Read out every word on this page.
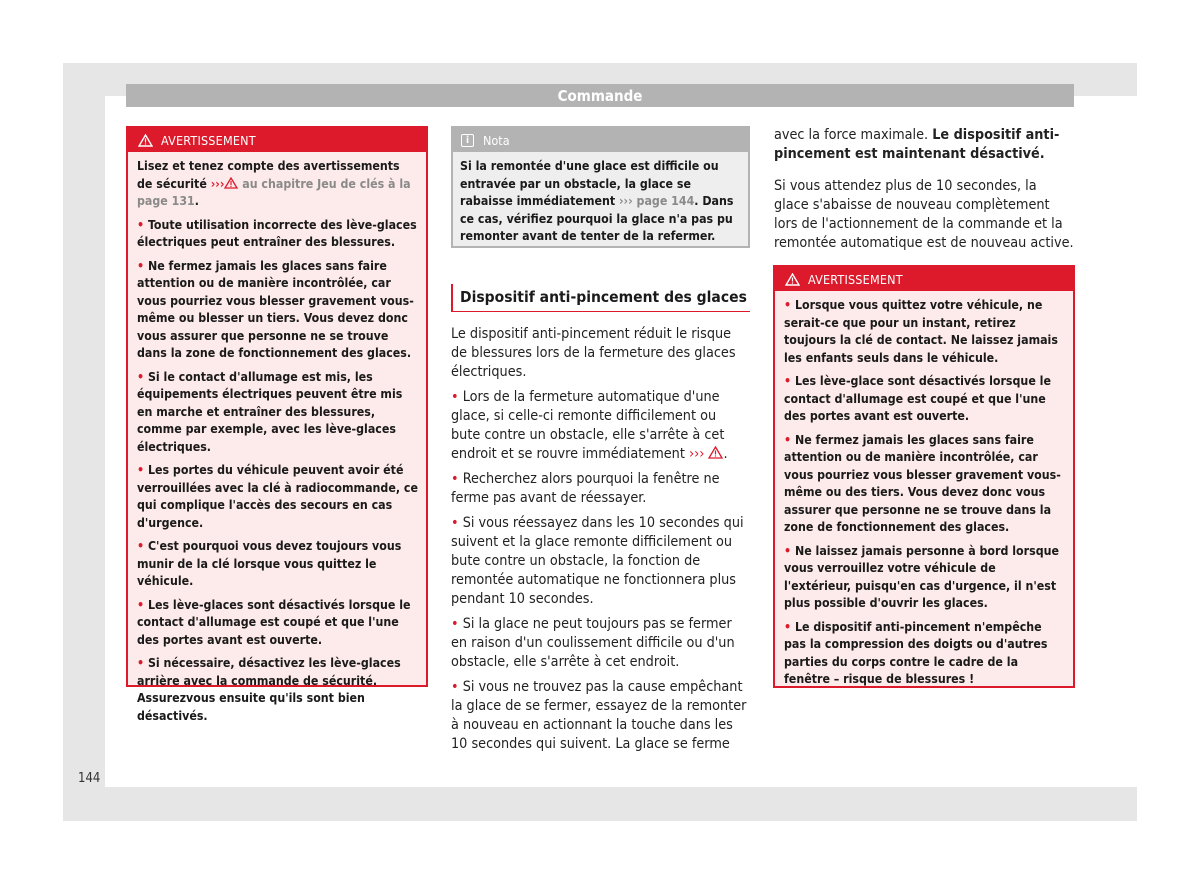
Commande
AVERTISSEMENT

Lisez et tenez compte des avertissements de sécurité ››› au chapitre Jeu de clés à la page 131.

• Toute utilisation incorrecte des lève-glaces électriques peut entraîner des blessures.

• Ne fermez jamais les glaces sans faire attention ou de manière incontrôlée, car vous pourriez vous blesser gravement vous-même ou blesser un tiers. Vous devez donc vous assurer que personne ne se trouve dans la zone de fonctionnement des glaces.

• Si le contact d'allumage est mis, les équipements électriques peuvent être mis en marche et entraîner des blessures, comme par exemple, avec les lève-glaces électriques.

• Les portes du véhicule peuvent avoir été verrouillées avec la clé à radiocommande, ce qui complique l'accès des secours en cas d'urgence.

• C'est pourquoi vous devez toujours vous munir de la clé lorsque vous quittez le véhicule.

• Les lève-glaces sont désactivés lorsque le contact d'allumage est coupé et que l'une des portes avant est ouverte.

• Si nécessaire, désactivez les lève-glaces arrière avec la commande de sécurité. Assurezvous ensuite qu'ils sont bien désactivés.

i	Nota
Si la remontée d'une glace est difficile ou entravée par un obstacle, la glace se rabaisse immédiatement ››› page 144. Dans ce cas, vérifiez pourquoi la glace n'a pas pu remonter avant de tenter de la refermer.
Dispositif anti-pincement des glaces

Le dispositif anti-pincement réduit le risque de blessures lors de la fermeture des glaces électriques.

• Lors de la fermeture automatique d'une glace, si celle-ci remonte difficilement ou bute contre un obstacle, elle s'arrête à cet endroit et se rouvre immédiatement ››› .

• Recherchez alors pourquoi la fenêtre ne ferme pas avant de réessayer.

• Si vous réessayez dans les 10 secondes qui suivent et la glace remonte difficilement ou bute contre un obstacle, la fonction de remontée automatique ne fonctionnera plus pendant 10 secondes.

• Si la glace ne peut toujours pas se fermer en raison d'un coulissement difficile ou d'un obstacle, elle s'arrête à cet endroit.

• Si vous ne trouvez pas la cause empêchant la glace de se fermer, essayez de la remonter à nouveau en actionnant la touche dans les 10 secondes qui suivent. La glace se ferme

avec la force maximale. Le dispositif anti-pincement est maintenant désactivé.

Si vous attendez plus de 10 secondes, la glace s'abaisse de nouveau complètement lors de l'actionnement de la commande et la remontée automatique est de nouveau active.

AVERTISSEMENT

• Lorsque vous quittez votre véhicule, ne serait-ce que pour un instant, retirez toujours la clé de contact. Ne laissez jamais les enfants seuls dans le véhicule.

• Les lève-glace sont désactivés lorsque le contact d'allumage est coupé et que l'une des portes avant est ouverte.

• Ne fermez jamais les glaces sans faire attention ou de manière incontrôlée, car vous pourriez vous blesser gravement vous-même ou des tiers. Vous devez donc vous assurer que personne ne se trouve dans la zone de fonctionnement des glaces.

• Ne laissez jamais personne à bord lorsque vous verrouillez votre véhicule de l'extérieur, puisqu'en cas d'urgence, il n'est plus possible d'ouvrir les glaces.

• Le dispositif anti-pincement n'empêche pas la compression des doigts ou d'autres parties du corps contre le cadre de la fenêtre – risque de blessures !

144
